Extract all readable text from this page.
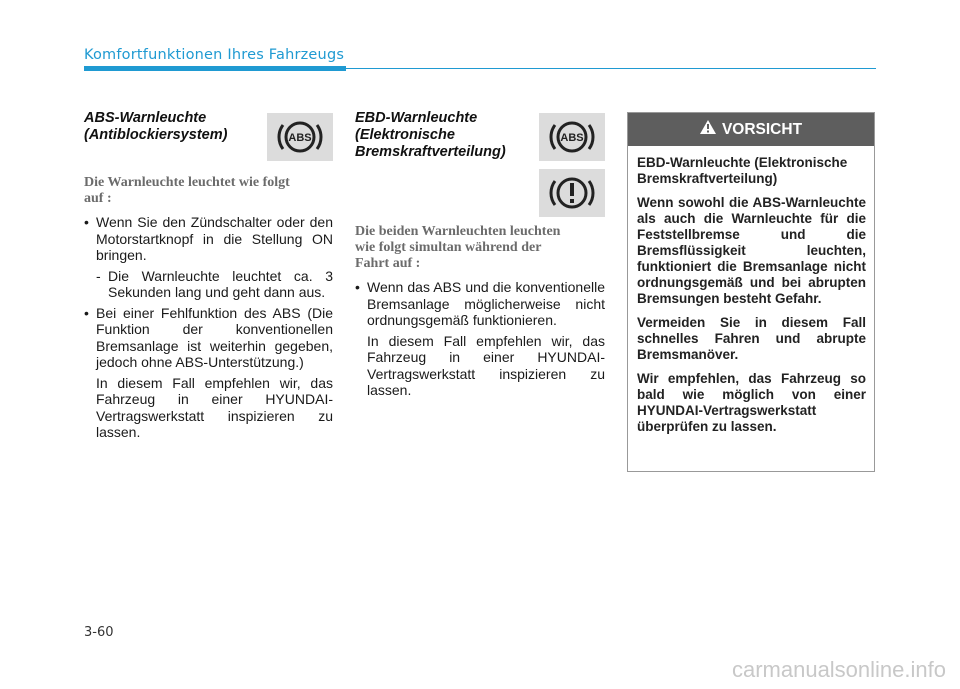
Komfortfunktionen Ihres Fahrzeugs
ABS-Warnleuchte
(Antiblockiersystem)
Die Warnleuchte leuchtet wie folgt
auf :
• Wenn Sie den Zündschalter oder den Motorstartknopf in die Stellung ON bringen.
- Die Warnleuchte leuchtet ca. 3 Sekunden lang und geht dann aus.
• Bei einer Fehlfunktion des ABS (Die Funktion der konventionellen Bremsanlage ist weiterhin gegeben, jedoch ohne ABS-Unterstützung.)
In diesem Fall empfehlen wir, das Fahrzeug in einer HYUNDAI-Vertragswerkstatt inspizieren zu lassen.
ABS
EBD-Warnleuchte
(Elektronische
Bremskraftverteilung)
Die beiden Warnleuchten leuchten
wie folgt simultan während der
Fahrt auf :
• Wenn das ABS und die konventionelle Bremsanlage möglicherweise nicht ordnungsgemäß funktionieren.
In diesem Fall empfehlen wir, das Fahrzeug in einer HYUNDAI-Vertragswerkstatt inspizieren zu lassen.
ABS
VORSICHT

EBD-Warnleuchte (Elektronische Bremskraftverteilung)

Wenn sowohl die ABS-Warnleuchte als auch die Warnleuchte für die Feststellbremse und die Bremsflüssigkeit leuchten, funktioniert die Bremsanlage nicht ordnungsgemäß und bei abrupten Bremsungen besteht Gefahr.

Vermeiden Sie in diesem Fall schnelles Fahren und abrupte Bremsmanöver.

Wir empfehlen, das Fahrzeug so bald wie möglich von einer HYUNDAI-Vertragswerkstatt überprüfen zu lassen.

3-60
carmanualsonline.info
